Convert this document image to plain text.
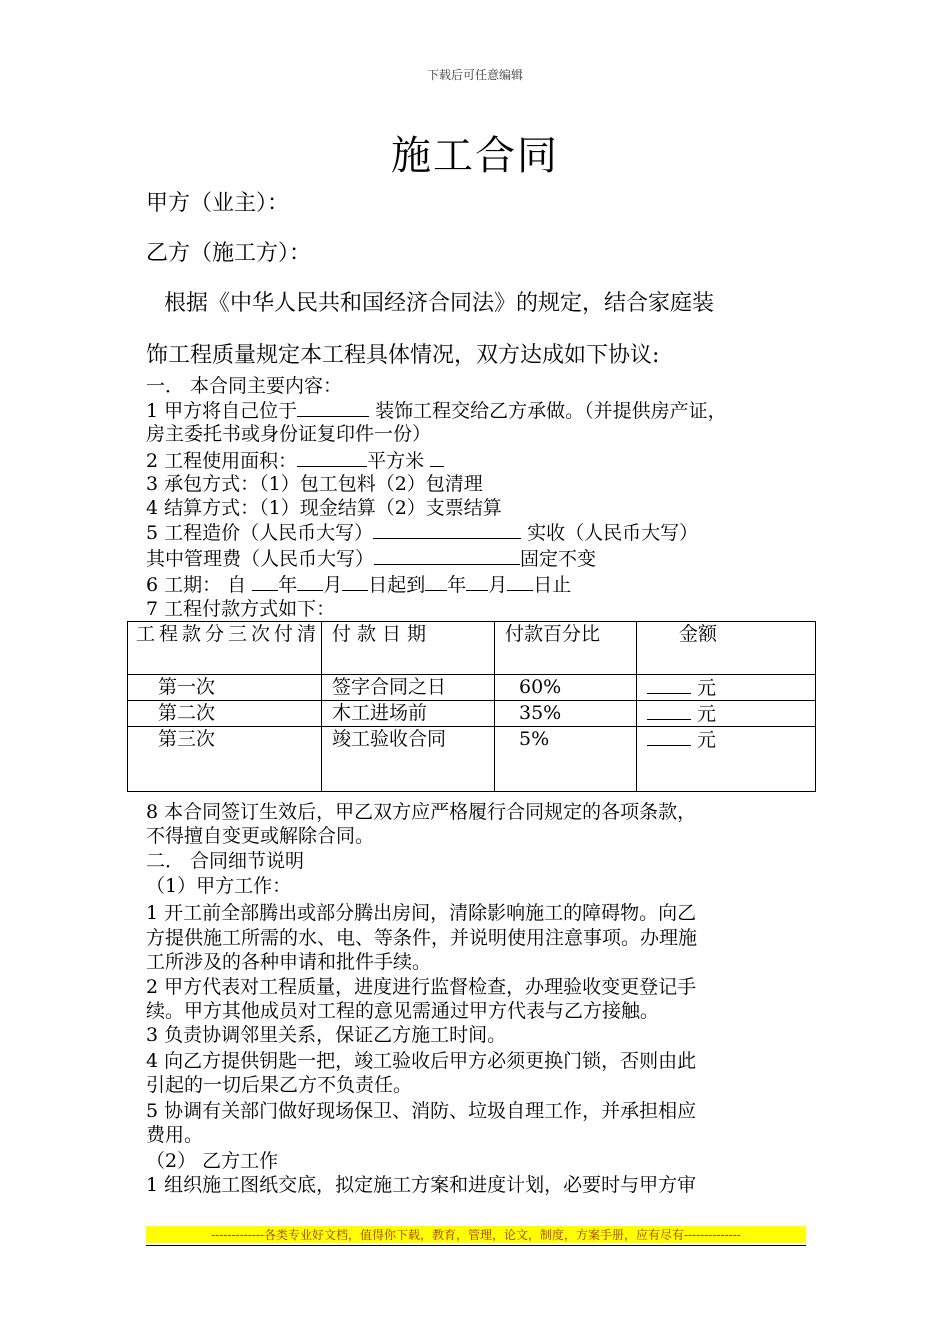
下载后可任意编辑
施工合同
甲方（业主）：
乙方（施工方）：
根据《中华人民共和国经济合同法》的规定，结合家庭装
饰工程质量规定本工程具体情况，双方达成如下协议:
一． 本合同主要内容：
1 甲方将自己位于	装饰工程交给乙方承做。（并提供房产证，
房主委托书或身份证复印件一份）
2 工程使用面积：	平方米
3 承包方式：（1）包工包料（2）包清理
4 结算方式：（1）现金结算（2）支票结算
5 工程造价（人民币大写）	实收（人民币大写）
其中管理费（人民币大写）	固定不变
6 工期： 自 年 月 日起到 年 月 日止
7 工程付款方式如下：
工程款分三次付清	付款日期	付款百分比	金额
第一次	签字合同之日	60%	元
第二次	木工进场前	35%	元
第三次	竣工验收合同	5%	元
8 本合同签订生效后，甲乙双方应严格履行合同规定的各项条款，
不得擅自变更或解除合同。
二． 合同细节说明
（1）甲方工作：
1 开工前全部腾出或部分腾出房间，清除影响施工的障碍物。向乙
方提供施工所需的水、电、等条件，并说明使用注意事项。办理施
工所涉及的各种申请和批件手续。
2 甲方代表对工程质量，进度进行监督检查，办理验收变更登记手
续。甲方其他成员对工程的意见需通过甲方代表与乙方接触。
3 负责协调邻里关系，保证乙方施工时间。
4 向乙方提供钥匙一把，竣工验收后甲方必须更换门锁，否则由此
引起的一切后果乙方不负责任。
5 协调有关部门做好现场保卫、消防、垃圾自理工作，并承担相应
费用。
（2） 乙方工作
1 组织施工图纸交底，拟定施工方案和进度计划，必要时与甲方审
-------------各类专业好文档，值得你下载，教育，管理，论文，制度，方案手册，应有尽有--------------
